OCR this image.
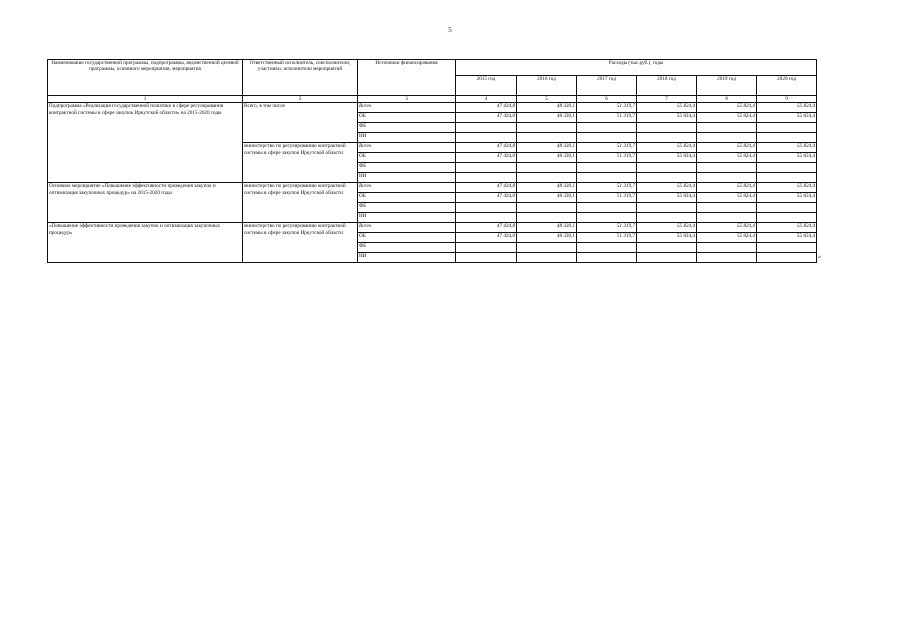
5
Наименование государственной программы, подпрограммы, ведомственной целевой программы, основного мероприятия, мероприятия	Ответственный исполнитель, соисполнители, участники, исполнители мероприятий	Источники финансирования	Расходы (тыс.руб.), годы					
			2015 год	2016 год	2017 год	2018 год	2019 год	2020 год
1	2	3	4	5	6	7	8	9
Подпрограмма «Реализация государственной политики в сфере регулирования контрактной системы в сфере закупок Иркутской области» на 2015-2020 годы	Всего, в том числе	Всего	47 434,8	48 330,1	51 319,7	55 824,4	55 824,4	55 824,4
		ОБ	47 434,8	48 330,1	51 319,7	55 824,4	55 824,4	55 824,4
		ФБ						
		ИИ						
	министерство по регулированию контрактной системы в сфере закупок Иркутской области	Всего	47 434,8	48 330,1	51 319,7	55 824,4	55 824,4	55 824,4
		ОБ	47 434,8	48 330,1	51 319,7	55 824,4	55 824,4	55 824,4
		ФБ						
		ИИ						
Основное мероприятие «Повышение эффективности проведения закупок и оптимизация закупочных процедур» на 2015-2020 годы	министерство по регулированию контрактной системы в сфере закупок Иркутской области	Всего	47 434,8	48 330,1	51 319,7	55 824,4	55 824,4	55 824,4
		ОБ	47 434,8	48 330,1	51 319,7	55 824,4	55 824,4	55 824,4
		ФБ						
		ИИ						
«Повышение эффективности проведения закупок и оптимизация закупочных процедур»	министерство по регулированию контрактной системы в сфере закупок Иркутской области	Всего	47 434,8	48 330,1	51 319,7	55 824,4	55 824,4	55 824,4
		ОБ	47 434,8	48 330,1	51 319,7	55 824,4	55 824,4	55 824,4
		ФБ						
		ИИ							»
